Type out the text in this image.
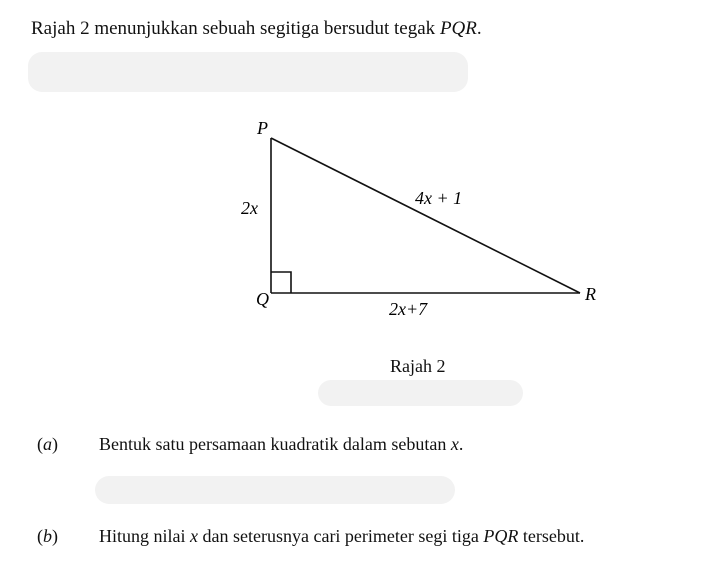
Rajah 2 menunjukkan sebuah segitiga bersudut tegak PQR.
P
Q	R
2x	4x + 1
2x+7
Rajah 2
(a) Bentuk satu persamaan kuadratik dalam sebutan x.
(b) Hitung nilai x dan seterusnya cari perimeter segi tiga PQR tersebut.
